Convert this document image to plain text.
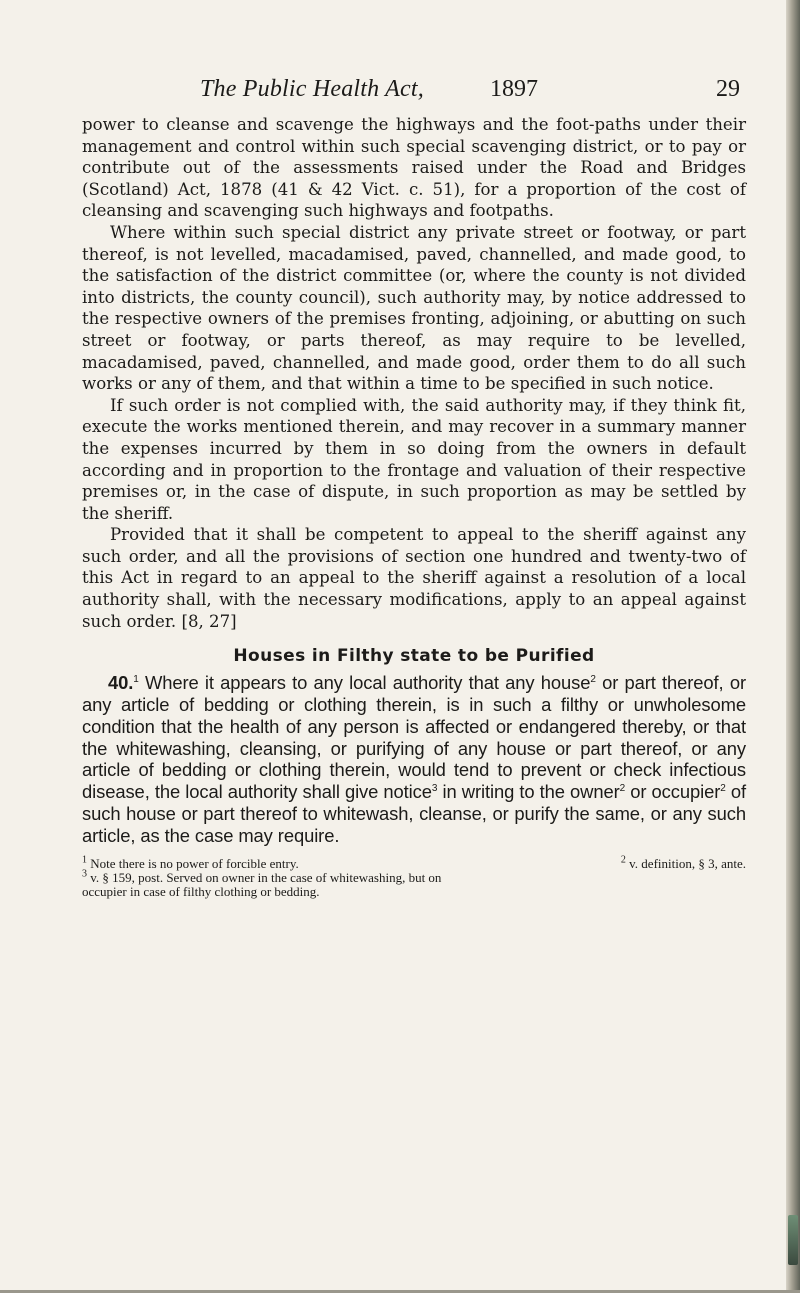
The Public Health Act,	1897	29

power to cleanse and scavenge the highways and the foot-paths under their management and control within such special scavenging district, or to pay or contribute out of the assessments raised under the Road and Bridges (Scotland) Act, 1878 (41 & 42 Vict. c. 51), for a proportion of the cost of cleansing and scavenging such highways and footpaths.

Where within such special district any private street or footway, or part thereof, is not levelled, macadamised, paved, channelled, and made good, to the satisfaction of the district committee (or, where the county is not divided into districts, the county council), such authority may, by notice addressed to the respective owners of the premises fronting, adjoining, or abutting on such street or footway, or parts thereof, as may require to be levelled, macadamised, paved, channelled, and made good, order them to do all such works or any of them, and that within a time to be specified in such notice.

If such order is not complied with, the said authority may, if they think fit, execute the works mentioned therein, and may recover in a summary manner the expenses incurred by them in so doing from the owners in default according and in proportion to the frontage and valuation of their respective premises or, in the case of dispute, in such proportion as may be settled by the sheriff.

Provided that it shall be competent to appeal to the sheriff against any such order, and all the provisions of section one hundred and twenty-two of this Act in regard to an appeal to the sheriff against a resolution of a local authority shall, with the necessary modifications, apply to an appeal against such order. [8, 27]

Houses in Filthy state to be Purified

40.$^1$ Where it appears to any local authority that any house$^2$ or part thereof, or any article of bedding or clothing therein, is in such a filthy or unwholesome condition that the health of any person is affected or endangered thereby, or that the whitewashing, cleansing, or purifying of any house or part thereof, or any article of bedding or clothing therein, would tend to prevent or check infectious disease, the local authority shall give notice$^3$ in writing to the owner$^2$ or occupier$^2$ of such house or part thereof to whitewash, cleanse, or purify the same, or any such article, as the case may require.

$^1$ Note there is no power of forcible entry.	$^2$ v. definition, § 3, ante.
$^3$ v. § 159, post. Served on owner in the case of whitewashing, but on
occupier in case of filthy clothing or bedding.
